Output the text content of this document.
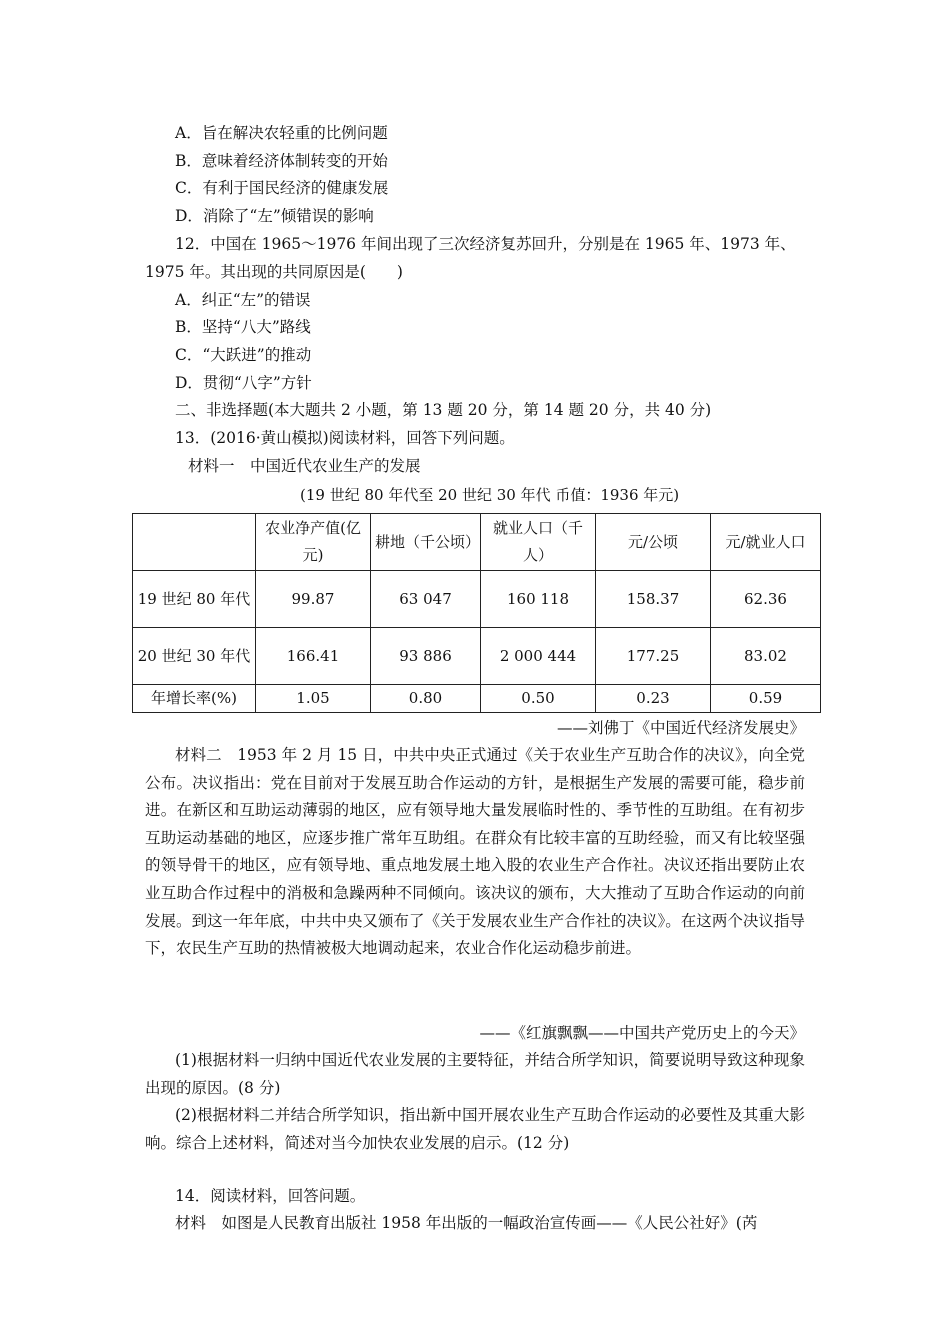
A．旨在解决农轻重的比例问题
B．意味着经济体制转变的开始
C．有利于国民经济的健康发展
D．消除了“左”倾错误的影响
12．中国在 1965～1976 年间出现了三次经济复苏回升，分别是在 1965 年、1973 年、
1975 年。其出现的共同原因是(　　)
A．纠正“左”的错误
B．坚持“八大”路线
C．“大跃进”的推动
D．贯彻“八字”方针
二、非选择题(本大题共 2 小题，第 13 题 20 分，第 14 题 20 分，共 40 分)
13．(2016·黄山模拟)阅读材料，回答下列问题。
材料一　中国近代农业生产的发展
(19 世纪 80 年代至 20 世纪 30 年代 币值：1936 年元)
	农业净产值(亿元)	耕地（千公顷）	就业人口（千人）	元/公顷	元/就业人口
19 世纪 80 年代	99.87	63 047	160 118	158.37	62.36
20 世纪 30 年代	166.41	93 886	2 000 444	177.25	83.02
年增长率(%)	1.05	0.80	0.50	0.23	0.59
——刘佛丁《中国近代经济发展史》
材料二　1953 年 2 月 15 日，中共中央正式通过《关于农业生产互助合作的决议》，向全党公布。决议指出：党在目前对于发展互助合作运动的方针，是根据生产发展的需要可能，稳步前进。在新区和互助运动薄弱的地区，应有领导地大量发展临时性的、季节性的互助组。在有初步互助运动基础的地区，应逐步推广常年互助组。在群众有比较丰富的互助经验，而又有比较坚强的领导骨干的地区，应有领导地、重点地发展土地入股的农业生产合作社。决议还指出要防止农业互助合作过程中的消极和急躁两种不同倾向。该决议的颁布，大大推动了互助合作运动的向前发展。到这一年年底，中共中央又颁布了《关于发展农业生产合作社的决议》。在这两个决议指导下，农民生产互助的热情被极大地调动起来，农业合作化运动稳步前进。
——《红旗飘飘——中国共产党历史上的今天》
(1)根据材料一归纳中国近代农业发展的主要特征，并结合所学知识，简要说明导致这种现象出现的原因。(8 分)
(2)根据材料二并结合所学知识，指出新中国开展农业生产互助合作运动的必要性及其重大影响。综合上述材料，简述对当今加快农业发展的启示。(12 分)
14．阅读材料，回答问题。
材料　如图是人民教育出版社 1958 年出版的一幅政治宣传画——《人民公社好》(芮
